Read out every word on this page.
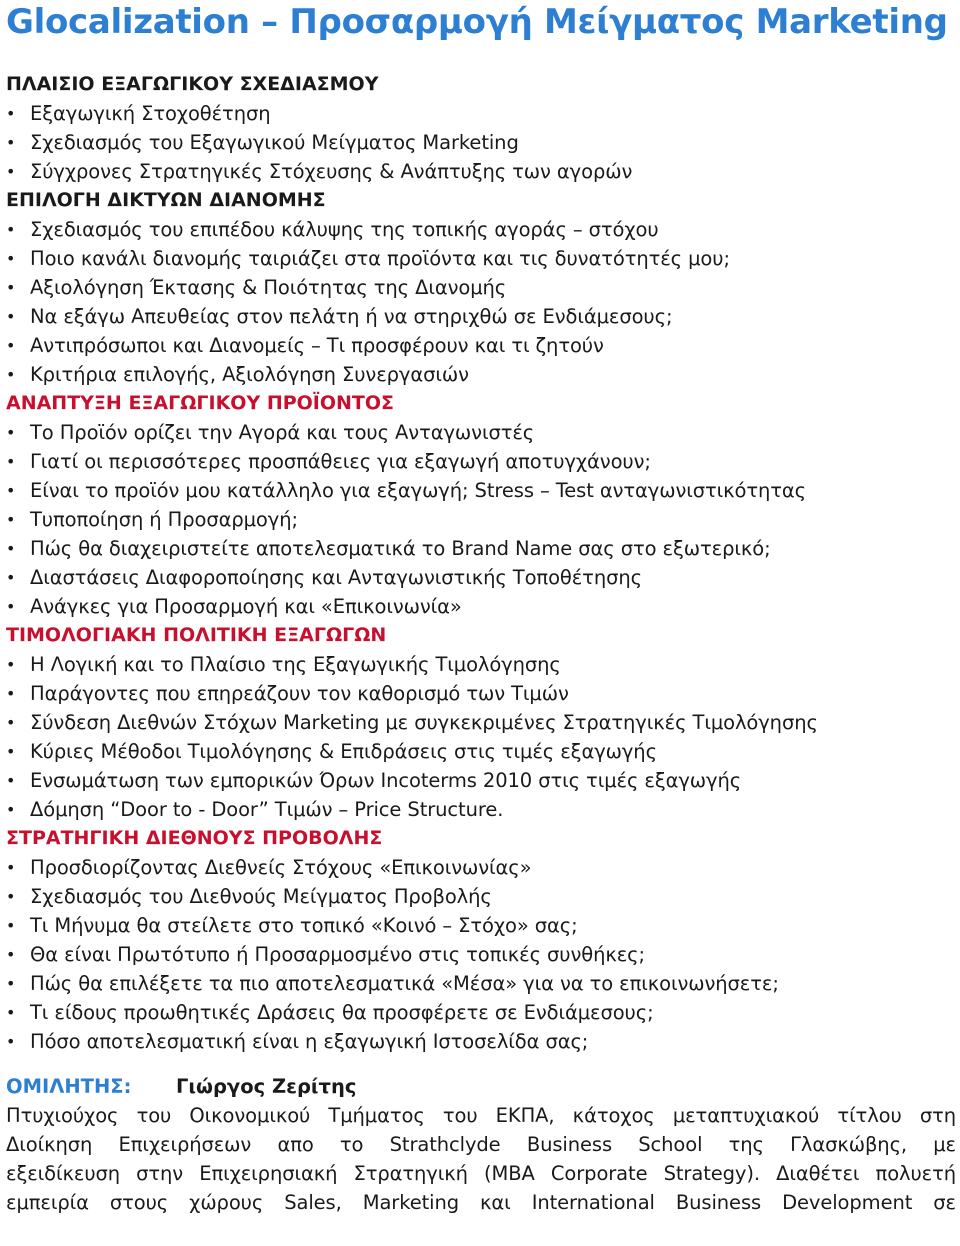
Glocalization – Προσαρμογή Μείγματος Marketing
ΠΛΑΙΣΙΟ ΕΞΑΓΩΓΙΚΟΥ ΣΧΕΔΙΑΣΜΟΥ
• Εξαγωγική Στοχοθέτηση
• Σχεδιασμός του Εξαγωγικού Μείγματος Marketing
• Σύγχρονες Στρατηγικές Στόχευσης & Ανάπτυξης των αγορών
ΕΠΙΛΟΓΗ ΔΙΚΤΥΩΝ ΔΙΑΝΟΜΗΣ
• Σχεδιασμός του επιπέδου κάλυψης της τοπικής αγοράς – στόχου
• Ποιο κανάλι διανομής ταιριάζει στα προϊόντα και τις δυνατότητές μου;
• Αξιολόγηση Έκτασης & Ποιότητας της Διανομής
• Να εξάγω Απευθείας στον πελάτη ή να στηριχθώ σε Ενδιάμεσους;
• Αντιπρόσωποι και Διανομείς – Τι προσφέρουν και τι ζητούν
• Κριτήρια επιλογής, Αξιολόγηση Συνεργασιών
ΑΝΑΠΤΥΞΗ ΕΞΑΓΩΓΙΚΟΥ ΠΡΟΪΟΝΤΟΣ
• Το Προϊόν ορίζει την Αγορά και τους Ανταγωνιστές
• Γιατί οι περισσότερες προσπάθειες για εξαγωγή αποτυγχάνουν;
• Είναι το προϊόν μου κατάλληλο για εξαγωγή; Stress – Test ανταγωνιστικότητας
• Τυποποίηση ή Προσαρμογή;
• Πώς θα διαχειριστείτε αποτελεσματικά το Brand Name σας στο εξωτερικό;
• Διαστάσεις Διαφοροποίησης και Ανταγωνιστικής Τοποθέτησης
• Ανάγκες για Προσαρμογή και «Επικοινωνία»
ΤΙΜΟΛΟΓΙΑΚΗ ΠΟΛΙΤΙΚΗ ΕΞΑΓΩΓΩΝ
• Η Λογική και το Πλαίσιο της Εξαγωγικής Τιμολόγησης
• Παράγοντες που επηρεάζουν τον καθορισμό των Τιμών
• Σύνδεση Διεθνών Στόχων Marketing με συγκεκριμένες Στρατηγικές Τιμολόγησης
• Κύριες Μέθοδοι Τιμολόγησης & Επιδράσεις στις τιμές εξαγωγής
• Ενσωμάτωση των εμπορικών Όρων Incoterms 2010 στις τιμές εξαγωγής
• Δόμηση “Door to - Door” Τιμών – Price Structure.
ΣΤΡΑΤΗΓΙΚΗ ΔΙΕΘΝΟΥΣ ΠΡΟΒΟΛΗΣ
• Προσδιορίζοντας Διεθνείς Στόχους «Επικοινωνίας»
• Σχεδιασμός του Διεθνούς Μείγματος Προβολής
• Τι Μήνυμα θα στείλετε στο τοπικό «Κοινό – Στόχο» σας;
• Θα είναι Πρωτότυπο ή Προσαρμοσμένο στις τοπικές συνθήκες;
• Πώς θα επιλέξετε τα πιο αποτελεσματικά «Μέσα» για να το επικοινωνήσετε;
• Τι είδους προωθητικές Δράσεις θα προσφέρετε σε Ενδιάμεσους;
• Πόσο αποτελεσματική είναι η εξαγωγική Ιστοσελίδα σας;
ΟΜΙΛΗΤΗΣ: Γιώργος Ζερίτης
Πτυχιούχος του Οικονομικού Τμήματος του ΕΚΠΑ, κάτοχος μεταπτυχιακού τίτλου στη
Διοίκηση Επιχειρήσεων απο το Strathclyde Business School της Γλασκώβης, με
εξειδίκευση στην Επιχειρησιακή Στρατηγική (MBA Corporate Strategy). Διαθέτει πολυετή
εμπειρία στους χώρους Sales, Marketing και International Business Development σε
